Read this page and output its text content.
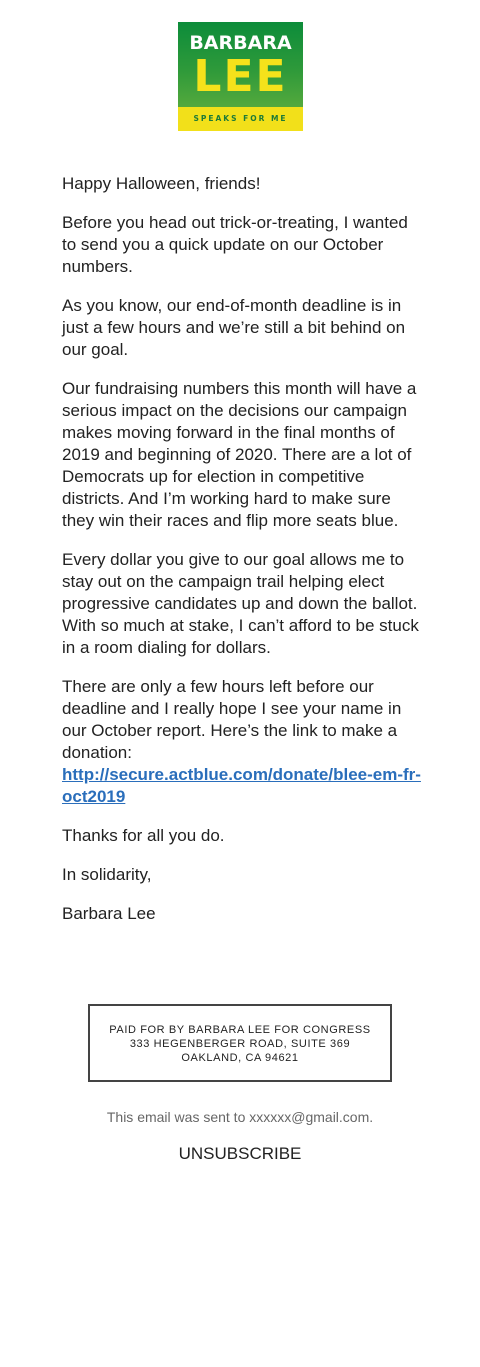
BARBARA
LEE
SPEAKS FOR ME

Happy Halloween, friends!

Before you head out trick-or-treating, I wanted to send you a quick update on our October numbers.

As you know, our end-of-month deadline is in just a few hours and we’re still a bit behind on our goal.

Our fundraising numbers this month will have a serious impact on the decisions our campaign makes moving forward in the final months of 2019 and beginning of 2020. There are a lot of Democrats up for election in competitive districts. And I’m working hard to make sure they win their races and flip more seats blue.

Every dollar you give to our goal allows me to stay out on the campaign trail helping elect progressive candidates up and down the ballot. With so much at stake, I can’t afford to be stuck in a room dialing for dollars.

There are only a few hours left before our deadline and I really hope I see your name in our October report. Here’s the link to make a donation:
http://secure.actblue.com/donate/blee-em-fr-oct2019

Thanks for all you do.

In solidarity,

Barbara Lee

PAID FOR BY BARBARA LEE FOR CONGRESS
333 HEGENBERGER ROAD, SUITE 369
OAKLAND, CA 94621
This email was sent to xxxxxx@gmail.com.
UNSUBSCRIBE
